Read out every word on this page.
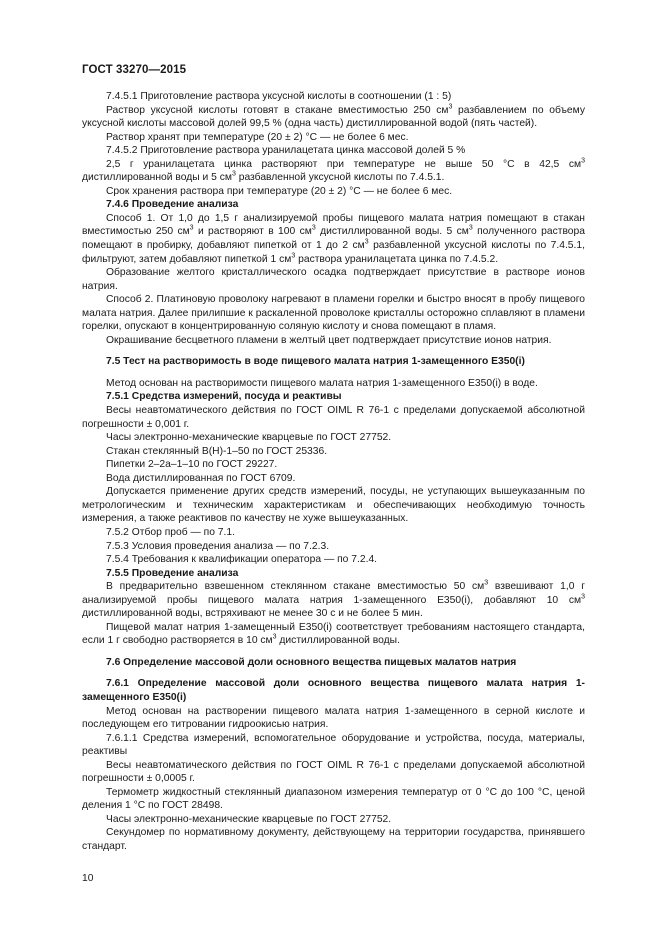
ГОСТ 33270—2015

7.4.5.1 Приготовление раствора уксусной кислоты в соотношении (1 : 5)

Раствор уксусной кислоты готовят в стакане вместимостью 250 $см^3$ разбавлением по объему уксусной кислоты массовой долей 99,5 % (одна часть) дистиллированной водой (пять частей).

Раствор хранят при температуре (20 ± 2) °С — не более 6 мес.

7.4.5.2 Приготовление раствора уранилацетата цинка массовой долей 5 %

2,5 г уранилацетата цинка растворяют при температуре не выше 50 °С в 42,5 $см^3$ дистиллированной воды и 5 $см^3$ разбавленной уксусной кислоты по 7.4.5.1.

Срок хранения раствора при температуре (20 ± 2) °С — не более 6 мес.

7.4.6 Проведение анализа

Способ 1. От 1,0 до 1,5 г анализируемой пробы пищевого малата натрия помещают в стакан вместимостью 250 $см^3$ и растворяют в 100 $см^3$ дистиллированной воды. 5 $см^3$ полученного раствора помещают в пробирку, добавляют пипеткой от 1 до 2 $см^3$ разбавленной уксусной кислоты по 7.4.5.1, фильтруют, затем добавляют пипеткой 1 $см^3$ раствора уранилацетата цинка по 7.4.5.2.

Образование желтого кристаллического осадка подтверждает присутствие в растворе ионов натрия.

Способ 2. Платиновую проволоку нагревают в пламени горелки и быстро вносят в пробу пищевого малата натрия. Далее прилипшие к раскаленной проволоке кристаллы осторожно сплавляют в пламени горелки, опускают в концентрированную соляную кислоту и снова помещают в пламя.

Окрашивание бесцветного пламени в желтый цвет подтверждает присутствие ионов натрия.

7.5 Тест на растворимость в воде пищевого малата натрия 1-замещенного Е350(i)

Метод основан на растворимости пищевого малата натрия 1-замещенного Е350(i) в воде.

7.5.1 Средства измерений, посуда и реактивы

Весы неавтоматического действия по ГОСТ OIML R 76-1 с пределами допускаемой абсолютной погрешности ± 0,001 г.

Часы электронно-механические кварцевые по ГОСТ 27752.

Стакан стеклянный В(Н)-1–50 по ГОСТ 25336.

Пипетки 2–2а–1–10 по ГОСТ 29227.

Вода дистиллированная по ГОСТ 6709.

Допускается применение других средств измерений, посуды, не уступающих вышеуказанным по метрологическим и техническим характеристикам и обеспечивающих необходимую точность измерения, а также реактивов по качеству не хуже вышеуказанных.

7.5.2 Отбор проб — по 7.1.

7.5.3 Условия проведения анализа — по 7.2.3.

7.5.4 Требования к квалификации оператора — по 7.2.4.

7.5.5 Проведение анализа

В предварительно взвешенном стеклянном стакане вместимостью 50 $см^3$ взвешивают 1,0 г анализируемой пробы пищевого малата натрия 1-замещенного Е350(i), добавляют 10 $см^3$ дистиллированной воды, встряхивают не менее 30 с и не более 5 мин.

Пищевой малат натрия 1-замещенный Е350(i) соответствует требованиям настоящего стандарта, если 1 г свободно растворяется в 10 $см^3$ дистиллированной воды.

7.6 Определение массовой доли основного вещества пищевых малатов натрия

7.6.1 Определение массовой доли основного вещества пищевого малата натрия 1-замещенного Е350(i)

Метод основан на растворении пищевого малата натрия 1-замещенного в серной кислоте и последующем его титровании гидроокисью натрия.

7.6.1.1 Средства измерений, вспомогательное оборудование и устройства, посуда, материалы, реактивы

Весы неавтоматического действия по ГОСТ OIML R 76-1 с пределами допускаемой абсолютной погрешности ± 0,0005 г.

Термометр жидкостный стеклянный диапазоном измерения температур от 0 °С до 100 °С, ценой деления 1 °С по ГОСТ 28498.

Часы электронно-механические кварцевые по ГОСТ 27752.

Секундомер по нормативному документу, действующему на территории государства, принявшего стандарт.

10
